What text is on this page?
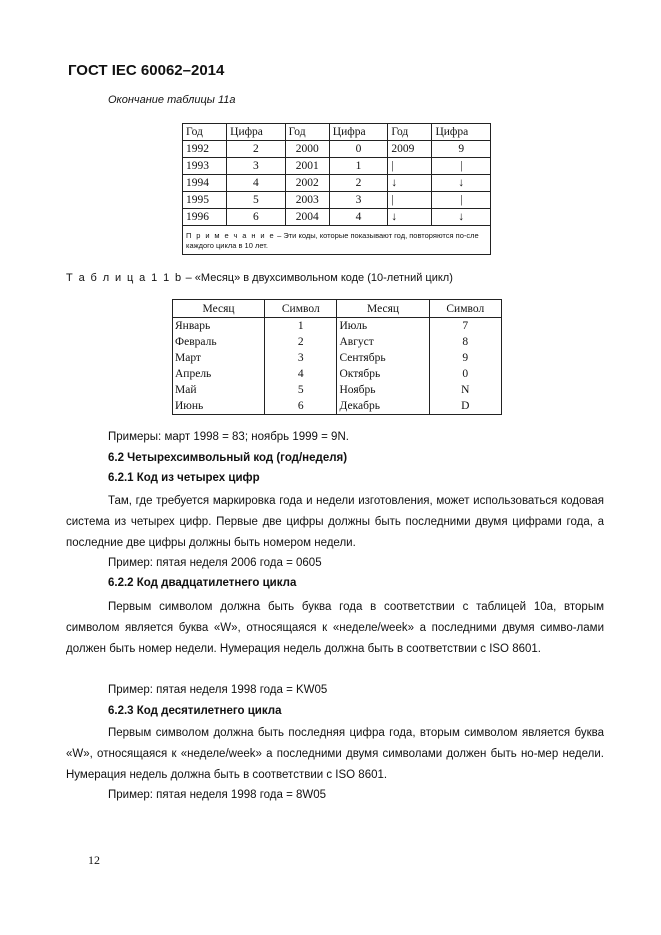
ГОСТ IEC 60062–2014
Окончание таблицы 11а
Год	Цифра	Год	Цифра	Год	Цифра
1992	2	2000	0	2009	9
1993	3	2001	1	|	|
1994	4	2002	2	↓	↓
1995	5	2003	3	|	|
1996	6	2004	4	↓	↓
П р и м е ч а н и е – Эти коды, которые показывают год, повторяются по-сле каждого цикла в 10 лет.					
Т а б л и ц а 1 1 b – «Месяц» в двухсимвольном коде (10-летний цикл)
Месяц	Символ	Месяц	Символ
Январь	1	Июль	7
Февраль	2	Август	8
Март	3	Сентябрь	9
Апрель	4	Октябрь	0
Май	5	Ноябрь	N
Июнь	6	Декабрь	D
Примеры: март 1998 = 83; ноябрь 1999 = 9N.
6.2 Четырехсимвольный код (год/неделя)
6.2.1 Код из четырех цифр
Там, где требуется маркировка года и недели изготовления, может использоваться кодовая система из четырех цифр. Первые две цифры должны быть последними двумя цифрами года, а последние две цифры должны быть номером недели.
Пример: пятая неделя 2006 года = 0605
6.2.2 Код двадцатилетнего цикла
Первым символом должна быть буква года в соответствии с таблицей 10а, вторым символом является буква «W», относящаяся к «неделе/week» а последними двумя симво-лами должен быть номер недели. Нумерация недель должна быть в соответствии с ISO 8601.
Пример: пятая неделя 1998 года = KW05
6.2.3 Код десятилетнего цикла
Первым символом должна быть последняя цифра года, вторым символом является буква «W», относящаяся к «неделе/week» а последними двумя символами должен быть но-мер недели. Нумерация недель должна быть в соответствии с ISO 8601.
Пример: пятая неделя 1998 года = 8W05
12
